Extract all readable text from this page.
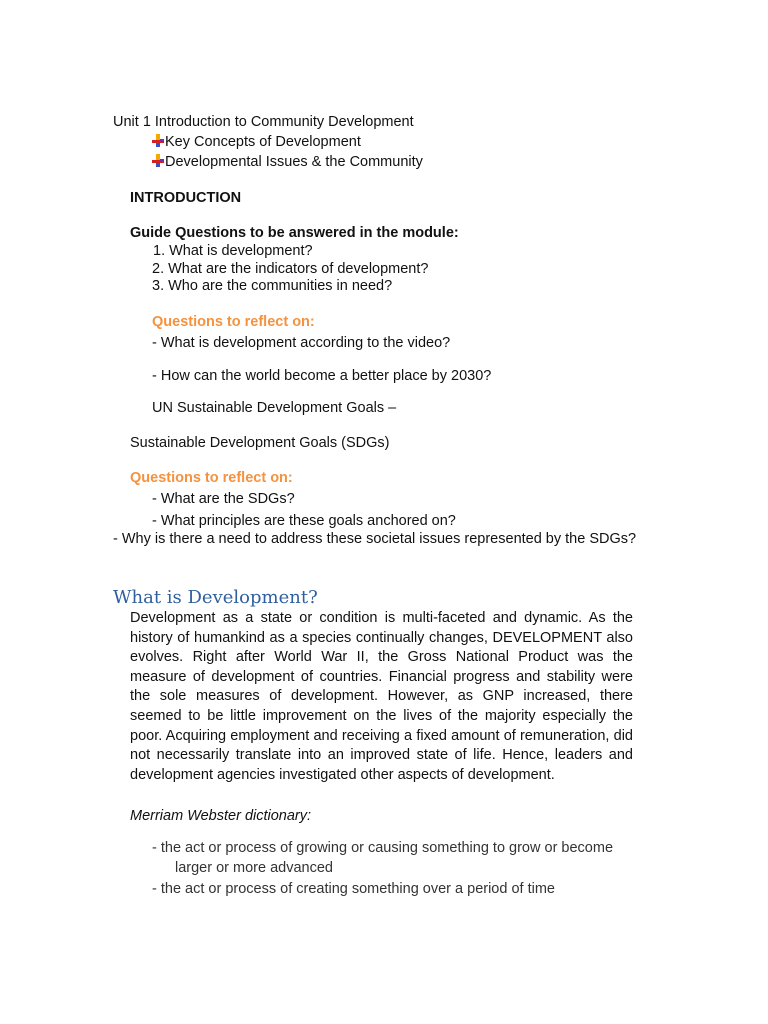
Unit 1 Introduction to Community Development
Key Concepts of Development
Developmental Issues & the Community
INTRODUCTION
Guide Questions to be answered in the module:
1. What is development?
2. What are the indicators of development?
3. Who are the communities in need?
Questions to reflect on:
- What is development according to the video?
- How can the world become a better place by 2030?
UN Sustainable Development Goals –
Sustainable Development Goals (SDGs)
Questions to reflect on:
- What are the SDGs?
- What principles are these goals anchored on?
- Why is there a need to address these societal issues represented by the SDGs?
What is Development?
Development as a state or condition is multi-faceted and dynamic. As the history of humankind as a species continually changes, DEVELOPMENT also evolves. Right after World War II, the Gross National Product was the measure of development of countries. Financial progress and stability were the sole measures of development. However, as GNP increased, there seemed to be little improvement on the lives of the majority especially the poor. Acquiring employment and receiving a fixed amount of remuneration, did not necessarily translate into an improved state of life. Hence, leaders and development agencies investigated other aspects of development.
Merriam Webster dictionary:
- the act or process of growing or causing something to grow or become
larger or more advanced
- the act or process of creating something over a period of time
